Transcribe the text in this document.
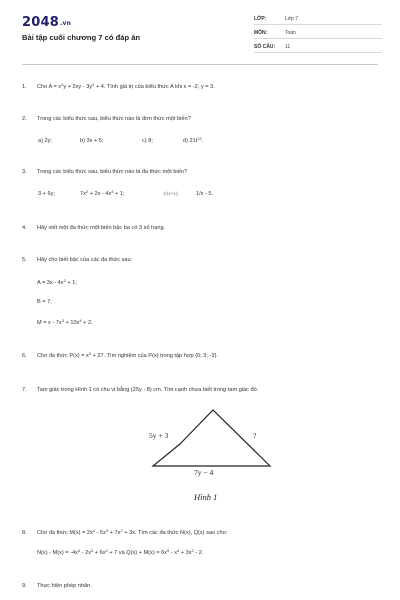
2048.vn
Bài tập cuối chương 7 có đáp án
LỚP:	Lớp 7
MÔN:	Toán
SỐ CÂU: 11
1. Cho $A = x^2y + 2xy - 3y^2 + 4$. Tính giá trị của biểu thức A khi x = -2, y = 3.
2. Trong các biểu thức sau, biểu thức nào là đơn thức một biến?
a) 2y;	b) 3x + 5;	c) 8;	d) $21t^{12}$.
3. Trong các biểu thức sau, biểu thức nào là đa thức một biến?
3 + 6y;	$7x^2 + 2x - 4x^4 + 1$;	1/(x+1);	1/x - 5.
4. Hãy viết một đa thức một biến bậc ba có 3 số hạng.
5. Hãy cho biết bậc của các đa thức sau:
$A = 3x - 4x^2 + 1$;
B = 7;
$M = x - 7x^3 + 10x^4 + 2$.
6. Cho đa thức $P(x) = x^3 + 27$. Tìm nghiệm của P(x) trong tập hợp {0; 3; -3}.
7. Tam giác trong Hình 1 có chu vi bằng (25y - 8) cm. Tìm cạnh chưa biết trong tam giác đó.
5y + 3	?
7y − 4
Hình 1
8. Cho đa thức $M(x) = 2x^4 - 5x^3 + 7x^2 + 3x$. Tìm các đa thức N(x), Q(x) sao cho:
$N(x) - M(x) = -4x^4 - 2x^3 + 6x^2 + 7$ và $Q(x) + M(x) = 6x^5 - x^4 + 3x^2 - 2$.
9. Thực hiện phép nhân.
